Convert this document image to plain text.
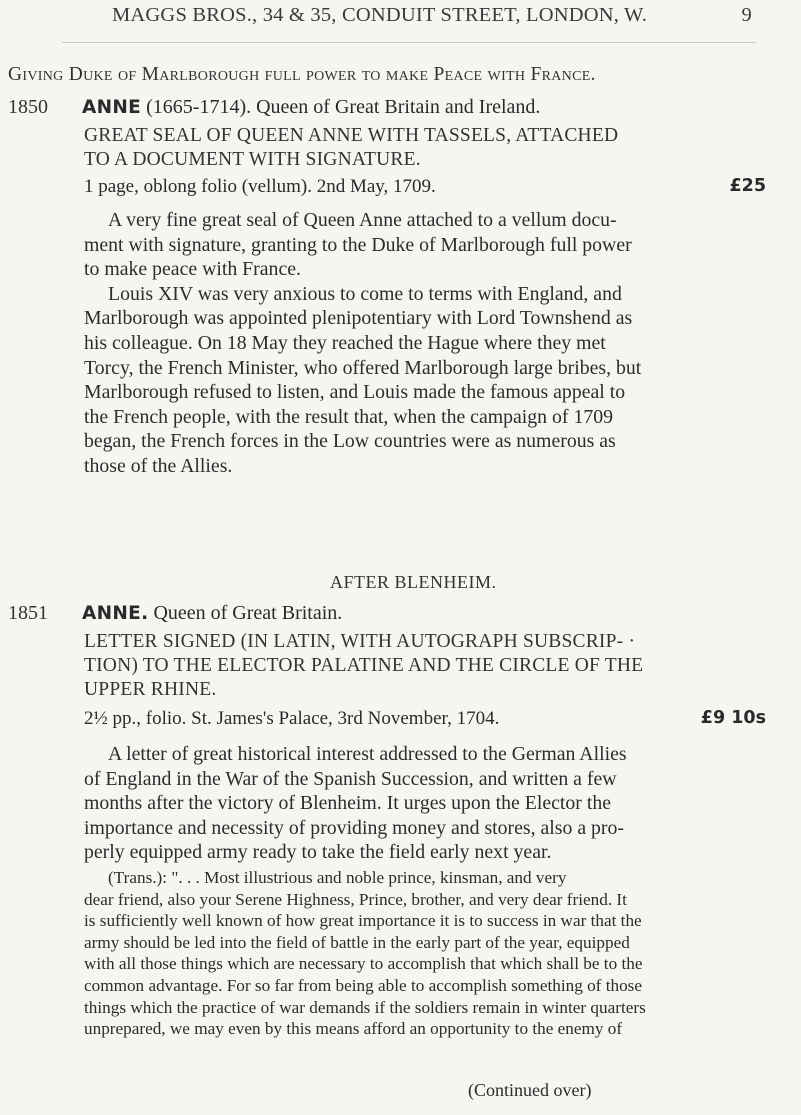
MAGGS BROS., 34 & 35, CONDUIT STREET, LONDON, W.	9
Giving Duke of Marlborough full power to make Peace with France.
1850 ANNE (1665-1714). Queen of Great Britain and Ireland.
GREAT SEAL OF QUEEN ANNE WITH TASSELS, ATTACHED
TO A DOCUMENT WITH SIGNATURE.
1 page, oblong folio (vellum). 2nd May, 1709.	£25
A very fine great seal of Queen Anne attached to a vellum docu-
ment with signature, granting to the Duke of Marlborough full power
to make peace with France.
Louis XIV was very anxious to come to terms with England, and
Marlborough was appointed plenipotentiary with Lord Townshend as
his colleague. On 18 May they reached the Hague where they met
Torcy, the French Minister, who offered Marlborough large bribes, but
Marlborough refused to listen, and Louis made the famous appeal to
the French people, with the result that, when the campaign of 1709
began, the French forces in the Low countries were as numerous as
those of the Allies.
AFTER BLENHEIM.
1851 ANNE. Queen of Great Britain.
LETTER SIGNED (IN LATIN, WITH AUTOGRAPH SUBSCRIP- ·
TION) TO THE ELECTOR PALATINE AND THE CIRCLE OF THE
UPPER RHINE.
2½ pp., folio. St. James's Palace, 3rd November, 1704.	£9 10s
A letter of great historical interest addressed to the German Allies
of England in the War of the Spanish Succession, and written a few
months after the victory of Blenheim. It urges upon the Elector the
importance and necessity of providing money and stores, also a pro-
perly equipped army ready to take the field early next year.
(Trans.): ". . . Most illustrious and noble prince, kinsman, and very
dear friend, also your Serene Highness, Prince, brother, and very dear friend. It
is sufficiently well known of how great importance it is to success in war that the
army should be led into the field of battle in the early part of the year, equipped
with all those things which are necessary to accomplish that which shall be to the
common advantage. For so far from being able to accomplish something of those
things which the practice of war demands if the soldiers remain in winter quarters
unprepared, we may even by this means afford an opportunity to the enemy of
(Continued over)
